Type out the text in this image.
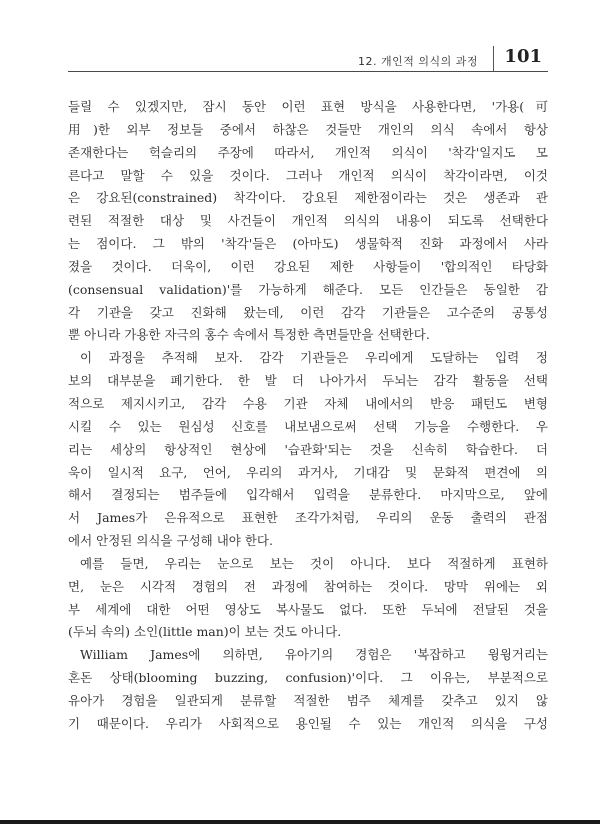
12. 개인적 의식의 과정 101
들릴 수 있겠지만, 잠시 동안 이런 표현 방식을 사용한다면, '가용(可
用)한 외부 정보들 중에서 하찮은 것들만 개인의 의식 속에서 항상
존재한다는 헉슬리의 주장에 따라서, 개인적 의식이 '착각'일지도 모
른다고 말할 수 있을 것이다. 그러나 개인적 의식이 착각이라면, 이것
은 강요된(constrained) 착각이다. 강요된 제한점이라는 것은 생존과 관
련된 적절한 대상 및 사건들이 개인적 의식의 내용이 되도록 선택한다
는 점이다. 그 밖의 '착각'들은 (아마도) 생물학적 진화 과정에서 사라
졌을 것이다. 더욱이, 이런 강요된 제한 사항들이 '합의적인 타당화
(consensual validation)'를 가능하게 해준다. 모든 인간들은 동일한 감
각 기관을 갖고 진화해 왔는데, 이런 감각 기관들은 고수준의 공통성
뿐 아니라 가용한 자극의 홍수 속에서 특정한 측면들만을 선택한다.
이 과정을 추적해 보자. 감각 기관들은 우리에게 도달하는 입력 정
보의 대부분을 폐기한다. 한 발 더 나아가서 두뇌는 감각 활동을 선택
적으로 제지시키고, 감각 수용 기관 자체 내에서의 반응 패턴도 변형
시킬 수 있는 원심성 신호를 내보냄으로써 선택 기능을 수행한다. 우
리는 세상의 항상적인 현상에 '습관화'되는 것을 신속히 학습한다. 더
욱이 일시적 요구, 언어, 우리의 과거사, 기대감 및 문화적 편견에 의
해서 결정되는 범주들에 입각해서 입력을 분류한다. 마지막으로, 앞에
서 James가 은유적으로 표현한 조각가처럼, 우리의 운동 출력의 관점
에서 안정된 의식을 구성해 내야 한다.
예를 들면, 우리는 눈으로 보는 것이 아니다. 보다 적절하게 표현하
면, 눈은 시각적 경험의 전 과정에 참여하는 것이다. 망막 위에는 외
부 세계에 대한 어떤 영상도 복사물도 없다. 또한 두뇌에 전달된 것을
(두뇌 속의) 소인(little man)이 보는 것도 아니다.
William James에 의하면, 유아기의 경험은 '복잡하고 윙윙거리는
혼돈 상태(blooming buzzing, confusion)'이다. 그 이유는, 부분적으로
유아가 경험을 일관되게 분류할 적절한 범주 체계를 갖추고 있지 않
기 때문이다. 우리가 사회적으로 용인될 수 있는 개인적 의식을 구성
